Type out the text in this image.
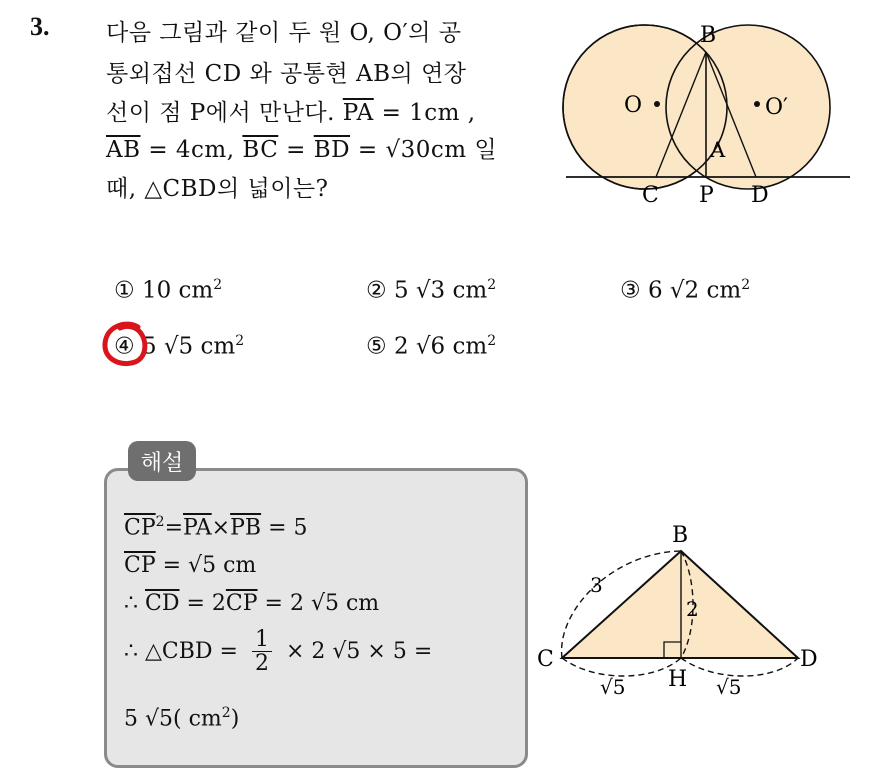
3. 다음 그림과 같이 두 원 O, O′의 공
통외접선 CD 와 공통현 AB의 연장
선이 점 P에서 만난다. $\overline{PA} = 1cm$ ,
$\overline{AB} = 4cm$, $\overline{BC} = \overline{BD} = √30cm$ 일
때, △CBD의 넓이는?
B
O	O′
A
C P D
① 10 $cm^2$	② 5 √3 $cm^2$	③ 6 √2 $cm^2$
④ 5 √5 $cm^2$	⑤ 2 √6 $cm^2$
해설
$\overline{CP}^2=\overline{PA}\times\overline{PB} = 5$
$\overline{CP} = √5$ cm
∴ $\overline{CD} = 2\overline{CP} = 2$ √5 cm
∴ △CBD = $\frac{1}{2} \times 2$ √5 × 5 =
5 √5( $cm^2$)
B
C	D
H
3
2
√5	√5
